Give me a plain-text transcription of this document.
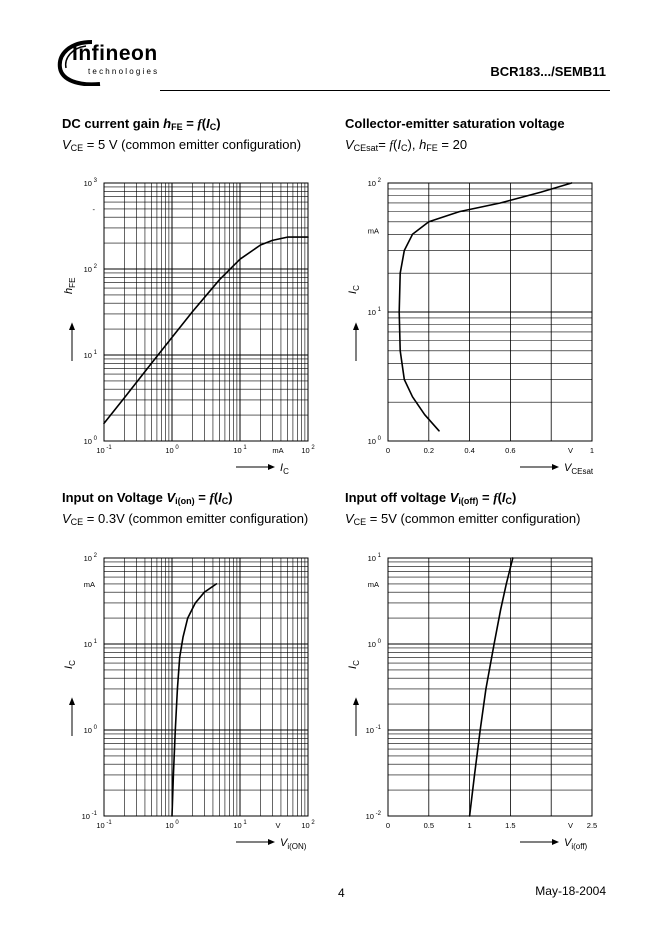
Infineon
technologies	BCR183.../SEMB11
DC current gain $h_{FE} = f(I_C)$
$V_{CE} = 5$ V (common emitter configuration)
Collector-emitter saturation voltage
$V_{CEsat}= f(I_C)$, $h_{FE} = 20$
Input on Voltage $V_{i(on)} = f(I_C)$
$V_{CE} = 0.3V$ (common emitter configuration)
Input off voltage $V_{i(off)} = f(I_C)$
$V_{CE} = 5V$ (common emitter configuration)
10 $^0$
10 $^1$
10 $^2$
10 $^3$
10 $^{-1}$	10 $^0$	10 $^1$	10 $^2$
mA
-
$I_C$
$h_{FE}$
10 $^0$
10 $^1$
10 $^2$
0	0.2	0.4	0.6	1
V
mA
$V_{CEsat}$
$I_C$
10 $^{-1}$
10 $^0$
10 $^1$
10 $^2$
10 $^{-1}$	10 $^0$	10 $^1$	10 $^2$
V
mA
$V_{i(ON)}$
$I_C$
10 $^{-2}$
10 $^{-1}$
10 $^0$
10 $^1$
0	0.5	1	1.5	2.5
V
mA
$V_{i(off)}$
$I_C$
4	May-18-2004
